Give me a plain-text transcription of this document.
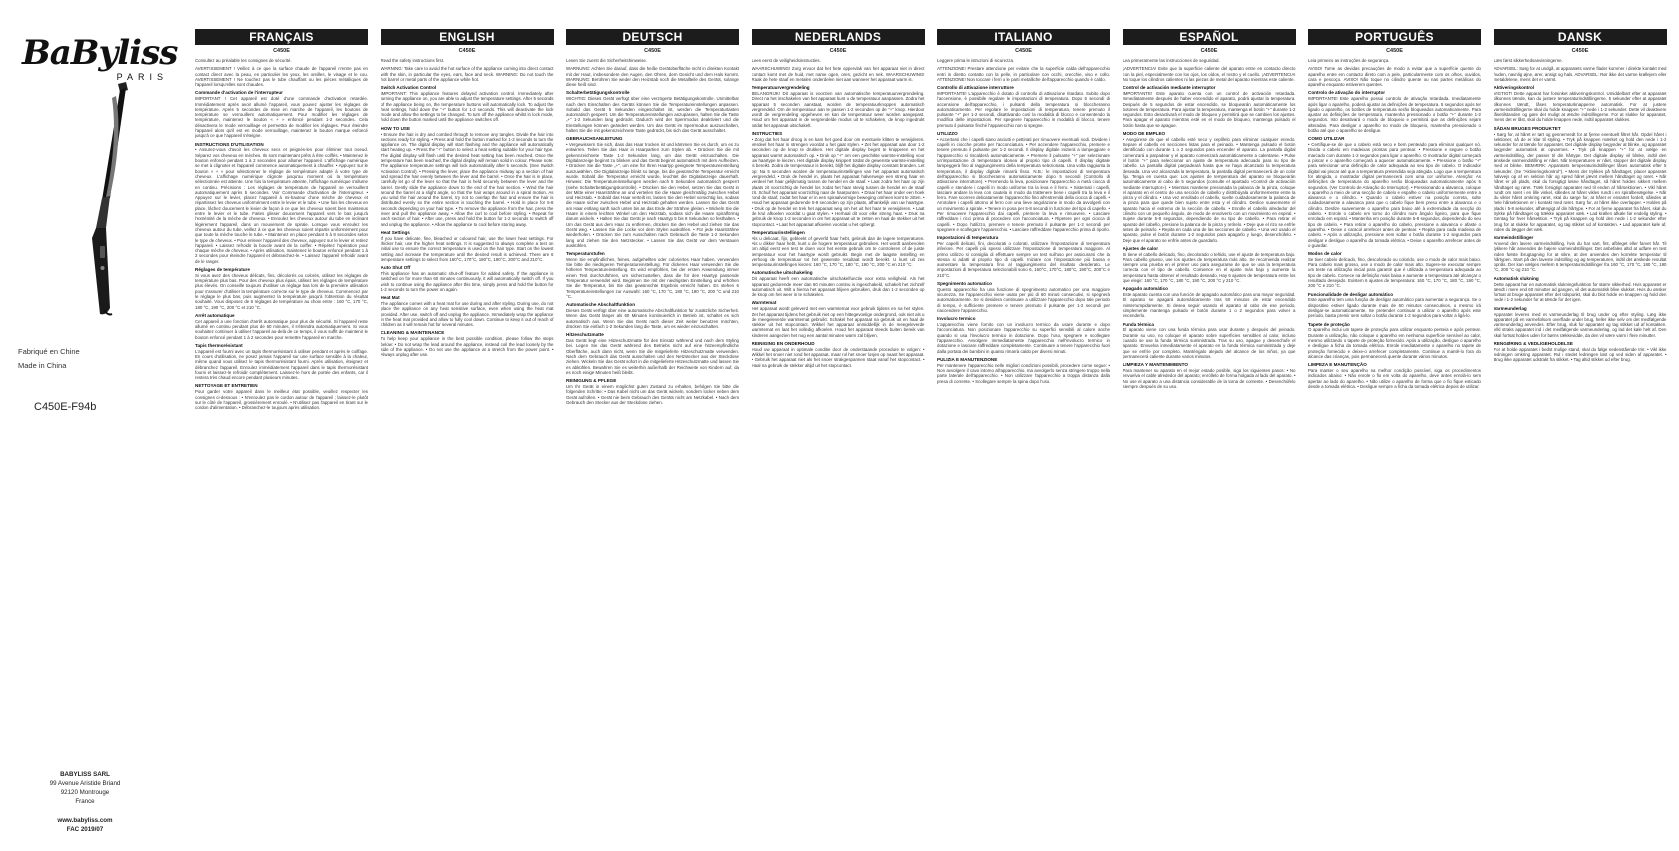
BaByliss
PARIS
Fabriqué en Chine
Made in China
C450E-F94b
BABYLISS SARL
99 Avenue Aristide Briand
92120 Montrouge
France
www.babyliss.com
FAC 2019/07
FRANÇAIS
C450E

Consultez au préalable les consignes de sécurité.

AVERTISSEMENT ! Veillez à ce que la surface chaude de l'appareil n'entre pas en contact direct avec la peau, en particulier les yeux, les oreilles, le visage et le cou. AVERTISSEMENT ! Ne touchez pas le tube chauffant ou les pièces métalliques de l'appareil lorsqu'elles sont chaudes.

Commande d'activation de l'interrupteur

IMPORTANT ! Cet appareil est doté d'une commande d'activation retardée. Immédiatement après avoir allumé l'appareil, vous pouvez ajuster les réglages de température. Après 5 secondes de mise en marche de l'appareil, les boutons de température se verrouillent automatiquement. Pour modifier les réglages de température, maintenez le bouton « + » enfoncé pendant 1-2 secondes. Cela désactivera le mode verrouillage et permettra de modifier les réglages. Pour éteindre l'appareil alors qu'il est en mode verrouillage, maintenez le bouton marque enfoncé jusqu'à ce que l'appareil s'éteigne.

INSTRUCTIONS D'UTILISATION

• Assurez-vous d'avoir les cheveux secs et peignés-les pour éliminer tout noeud. Séparez vos cheveux en mèches. Ils sont maintenant prêts à être coiffés. • Maintenez le bouton enfoncé pendant 1 à 2 secondes pour allumer l'appareil. L'affichage numérique se met à clignoter et l'appareil commence automatiquement à chauffer. • Appuyez sur le bouton « + » pour sélectionner le réglage de température adapté à votre type de cheveux. L'affichage numérique clignote jusqu'au moment où la température sélectionnée est atteinte. Une fois la température atteinte, l'affichage numérique s'allume en continu. Précisions : Les réglages de température de l'appareil se verrouillent automatiquement après 5 secondes. Voir Commande d'activation de l'interrupteur. • Appuyez sur le levier, placez l'appareil à mi-hauteur d'une mèche de cheveux et répartissez les cheveux uniformément entre le levier et le tube. • Une fois les cheveux en place, lâchez doucement le levier de façon à ce que les cheveux soient bien maintenus entre le levier et le tube. Faites glisser doucement l'appareil vers le bas jusqu'à l'extrémité de la mèche de cheveux. • Enroulez les cheveux autour du tube en inclinant légèrement l'appareil, dans un mouvement de spirale. Lorsque vous enroulez les cheveux autour du tube, veillez à ce que les cheveux soient répartis uniformément pour que toute la mèche touche le tube. • Maintenez en place pendant 5 à 8 secondes selon le type de cheveux. • Pour enlever l'appareil des cheveux, appuyez sur le levier et retirez l'appareil. • Laissez refroidir la boucle avant de la coiffer. • Répétez l'opération pour chaque mèche de cheveux. • Après utilisation, maintenez le bouton enfoncé pendant 1 à 2 secondes pour éteindre l'appareil et débranchez-le. • Laissez l'appareil refroidir avant de le ranger.

Réglages de température

Si vous avez des cheveux délicats, fins, décolorés ou colorés, utilisez les réglages de température plus bas. Pour des cheveux plus épais, utilisez les réglages de température plus élevés. On conseille toujours d'utiliser un réglage bas lors de la première utilisation pour s'assurer d'utiliser la température correcte sur le type de cheveux. Commencez par le réglage le plus bas, puis augmentez la température jusqu'à l'obtention du résultat souhaité. Vous disposez de 6 réglages de température au choix entre : 160 °C, 170 °C, 180 °C, 190 °C, 200 °C et 210 °C.

Arrêt automatique

Cet appareil a une fonction d'arrêt automatique pour plus de sécurité. Si l'appareil reste allumé en continu pendant plus de 60 minutes, il s'éteindra automatiquement. Si vous souhaitez continuer à utiliser l'appareil au-delà de ce temps, il vous suffit de maintenir le bouton enfoncé pendant 1 à 2 secondes pour remettre l'appareil en marche.

Tapis thermorésistant

L'appareil est fourni avec un tapis thermorésistant à utiliser pendant et après le coiffage. En cours d'utilisation, ne posez jamais l'appareil sur une surface sensible à la chaleur, même quand vous utilisez le tapis thermorésistant fourni. Après utilisation, éteignez et débranchez l'appareil. Enroulez immédiatement l'appareil dans le tapis thermorésistant fourni et laissez-le refroidir complètement. Laissez-le hors de portée des enfants, car il restera très chaud encore pendant plusieurs minutes.

NETTOYAGE ET ENTRETIEN

Pour garder votre appareil dans le meilleur état possible, veuillez respecter les consignes ci-dessous : • N'enroulez pas le cordon autour de l'appareil ; laissez-le plutôt sur le côté de l'appareil, grossièrement enroulé. • N'utilisez pas l'appareil en tirant sur le cordon d'alimentation. • Débranchez-le toujours après utilisation.

ENGLISH
C450E

Read the safety instructions first.

WARNING: Take care to avoid the hot surface of the appliance coming into direct contact with the skin, in particular the eyes, ears, face and neck. WARNING: Do not touch the hot barrel or metal parts of the appliance while hot.

Switch Activation Control

IMPORTANT: This appliance features delayed activation control. Immediately after turning the appliance on, you are able to adjust the temperature settings. After 5 seconds of the appliance being on, the temperature buttons will automatically lock. To adjust the heat settings, hold down the "+" button for 1-2 seconds. This will deactivate the lock mode and allow the settings to be changed. To turn off the appliance whilst in lock mode, hold down the button marked until the appliance switches off.

HOW TO USE

• Ensure the hair is dry and combed through to remove any tangles. Divide the hair into sections ready for styling. • Press and hold the button marked for 1-2 seconds to turn the appliance on. The digital display will start flashing and the appliance will automatically start heating up. • Press the "+" button to select a heat setting suitable for your hair type. The digital display will flash until the desired heat setting has been reached. Once the temperature has been reached, the digital display will remain solid in colour. Please note: The appliance temperature settings will lock automatically after 5 seconds. (See Switch Activation Control). • Pressing the lever, place the appliance midway up a section of hair and spread the hair evenly between the lever and the barrel. • Once the hair is in place, carefully let go of the lever so that the hair is held securely between the lever and the barrel. Gently slide the appliance down to the end of the hair section. • Wind the hair around the barrel at a slight angle, so that the hair wraps around in a spiral motion. As you wind the hair around the barrel, try not to overlap the hair and ensure the hair is distributed evenly so the entire section is touching the barrel. • Hold in place for 5-8 seconds depending on your hair type. • To remove the appliance from the hair, press the lever and pull the appliance away. • Allow the curl to cool before styling. • Repeat for each section of hair. • After use, press and hold the button for 1-2 seconds to switch off and unplug the appliance. • Allow the appliance to cool before storing away.

Heat Settings

If you have delicate, fine, bleached or coloured hair, use the lower heat settings. For thicker hair, use the higher heat settings. It is suggested to always complete a test on initial use to ensure the correct temperature is used on the hair type. Start on the lowest setting and increase the temperature until the desired result is achieved. There are 6 temperature settings to select from 160°C, 170°C, 180°C, 190°C, 200°C and 210°C.

Auto Shut Off

This appliance has an automatic shut-off feature for added safety. If the appliance is switched on for more than 60 minutes continuously, it will automatically switch off. If you wish to continue using the appliance after this time, simply press and hold the button for 1-2 seconds to turn the power on again.

Heat Mat

The appliance comes with a heat mat for use during and after styling. During use, do not place the appliance on any heat sensitive surface, even when using the heat mat provided. After use, switch off and unplug the appliance. Immediately wrap the appliance in the heat mat provided and allow to fully cool down. Continue to keep it out of reach of children as it will remain hot for several minutes.

CLEANING & MAINTENANCE

To help keep your appliance in the best possible condition, please follow the steps below: • Do not wrap the lead around the appliance, instead coil the lead loosely by the side of the appliance. • Do not use the appliance at a stretch from the power point. • Always unplug after use.

DEUTSCH
C450E

Lesen Sie zuerst die Sicherheitshinweise.

WARNUNG: Achten Sie darauf, dass die heiße Gerätoberfläche nicht in direkten Kontakt mit der Haut, insbesondere den Augen, den Ohren, dem Gesicht und dem Hals kommt. WARNUNG: Berühren Sie weder den Heizstab noch die Metallteile des Geräts, solange diese heiß sind.

Schalterbetätigungskontrolle

WICHTIG: Dieses Gerät verfügt über eine verzögerte Betätigungskontrolle. Unmittelbar nach dem Einschalten des Geräts können Sie die Temperatureinstellungen anpassen. Sobald das Gerät 5 Sekunden eingeschaltet ist, werden die Temperaturtasten automatisch gesperrt. Um die Temperatureinstellungen anzupassen, halten Sie die Taste „+" 1-2 Sekunden lang gedrückt. Dadurch wird der Sperrmodus deaktiviert und die Einstellungen können geändert werden. Um das Gerät im Sperrmodus auszuschalten, halten Sie die mit gekennzeichnete Taste gedrückt, bis sich das Gerät ausschaltet.

GEBRAUCHSANLEITUNG

• Vergewissern Sie sich, dass das Haar trocken ist und kämmen Sie es durch, um es zu entwirren. Teilen Sie das Haar in Haarpartien zum Stylen ab. • Drücken Sie die mit gekennzeichnete Taste 1-2 Sekunden lang, um das Gerät einzuschalten. Die Digitalanzeige beginnt zu blinken und das Gerät beginnt automatisch mit dem Aufheizen. • Drücken Sie die Taste „+", um eine für Ihren Haartyp geeignete Temperatureinstellung auszuwählen. Die Digitalanzeige blinkt so lange, bis die gewünschte Temperatur erreicht wurde. Sobald die Temperatur erreicht wurde, leuchtet die Digitalanzeige dauerhaft. Hinweis: Die Temperatureinstellungen werden nach 5 Sekunden automatisch gesperrt (siehe Schalterbetätigungskontrolle). • Drücken Sie den Hebel, setzen Sie das Gerät in der Mitte einer Haarsträhne an und verteilen Sie die Haare gleichmäßig zwischen Hebel und Heizstab. • Sobald das Haar verteilt ist, lassen Sie den Hebel vorsichtig los, sodass die Haare sicher zwischen Hebel und Heizstab gehalten werden. Lassen Sie das Gerät am Haar entlang sanft nach unten bis an das Ende der Strähne gleiten. • Wickeln Sie die Haare in einem leichten Winkel um den Heizstab, sodass sich die Haare spiralförmig darum wickeln. • Halten Sie das Gerät je nach Haartyp 5 bis 8 Sekunden so festhalten. • Um das Gerät aus dem Haar zu entfernen, drücken Sie den Hebel und ziehen Sie das Gerät weg. • Lassen Sie die Locke vor dem Stylen auskühlen. • Für jede Haarsträhne wiederholen. • Drücken Sie zum Ausschalten nach Gebrauch die Taste 1-2 Sekunden lang und ziehen Sie den Netzstecker. • Lassen Sie das Gerät vor dem Verstauen auskühlen.

Temperaturstufen

Wenn Sie empfindliches, feines, aufgehelltes oder coloriertes Haar haben, verwenden Sie bitte die niedrigeren Temperatureinstellung. Für dickeres Haar verwenden Sie die höheren Temperatureinstellung. Es wird empfohlen, bei der ersten Anwendung immer einen Test durchzuführen, um sicherzustellen, dass die für den Haartyp passende Temperatur verwendet wird. Beginnen Sie mit der niedrigsten Einstellung und erhöhen Sie die Temperatur, bis Sie das gewünschte Ergebnis erreicht haben. Es stehen 6 Temperatureinstellungen zur Auswahl: 160 °C, 170 °C, 180 °C, 190 °C, 200 °C und 210 °C.

Automatische Abschaltfunktion

Dieses Gerät verfügt über eine automatische Abschaltfunktion für zusätzliche Sicherheit. Wenn das Gerät länger als 60 Minuten kontinuierlich in Betrieb ist, schaltet es sich automatisch aus. Wenn Sie das Gerät nach dieser Zeit weiter benutzen möchten, drücken Sie einfach 1-2 Sekunden lang die Taste, um es wieder einzuschalten.

Hitzeschutzmatte

Das Gerät liegt eine Hitzeschutzmatte für den Einsatz während und nach dem Styling bei. Legen Sie das Gerät während des Betriebs nicht auf eine hitzeempfindliche Oberfläche, auch dann nicht, wenn Sie die mitgelieferte Hitzeschutzmatte verwenden. Nach dem Gebrauch das Gerät ausschalten und den Netzstecker aus der Steckdose ziehen. Wickeln Sie das Gerät sofort in die mitgelieferte Hitzeschutzmatte und lassen Sie es abkühlen. Bewahren Sie es weiterhin außerhalb der Reichweite von Kindern auf, da es noch einige Minuten heiß bleibt.

REINIGUNG & PFLEGE

Um Ihr Gerät in einem möglichst guten Zustand zu erhalten, befolgen Sie bitte die folgenden Schritte: • Das Kabel nicht um das Gerät wickeln, sondern locker neben dem Gerät aufrollen. • Gerät nie beim Gebrauch des Geräts nicht am Netzkabel. • Nach dem Gebrauch den Stecker aus der Steckdose ziehen.

NEDERLANDS
C450E

Lees eerst de veiligheidsinstructies.

WAARSCHUWING! Zorg ervoor dat het hete oppervlak van het apparaat niet in direct contact komt met de huid, met name ogen, oren, gezicht en nek. WAARSCHUWING! Raak de hete staaf en metalen onderdelen niet aan wanneer het apparaat warm is.

Temperatuurvergrendeling

BELANGRIJK! Dit apparaat is voorzien van automatische temperatuurvergrendeling. Direct na het inschakelen van het apparaat kunt u de temperatuur aanpassen. Zodra het apparaat 5 seconden aanstaat, worden de temperatuurknoppen automatisch vergrendeld. Om de temperatuur aan te passen 1-2 seconden op de "+" knop. Hierdoor wordt de vergrendeling opgeheven en kan de temperatuur weer worden aangepast. Houd om het apparaat in de vergrendelde modus uit te schakelen, de knop ingedrukt totdat het apparaat uitschakelt.

INSTRUCTIES

• Zorg dat het haar droog is en kam het goed door om eventuele klitten te verwijderen. Verdeel het haar in strengen voordat u het gaat stylen. • Zet het apparaat aan door 1-2 seconden op de knop te drukken. Het digitale display begint te knipperen en het apparaat warmt automatisch op. • Druk op "+" om een geschikte warmte-instelling voor uw haartype te kiezen. Het digitale display knippert totdat de gewenste warmte-instelling is bereikt. Zodra de temperatuur is bereikt, blijft het digitale display constant branden. Let op: Na 5 seconden worden de temperatuurinstellingen van het apparaat automatisch vergrendeld. • Druk de hendel in, plaats het apparaat halverwege een streng haar en verdeel het haar gelijkmatig tussen de hendel en de staaf. • Laat zodra het haar op zijn plaats zit voorzichtig de hendel los zodat het haar stevig tussen de hendel en de staaf zit. Schuif het apparaat voorzichtig naar de haarpunten. • Draai het haar onder een hoek rond de staaf, zodat het haar er in een spiraalvormige beweging omheen komt te zitten. • Houd het apparaat gedurende 5-8 seconden op zijn plaats, afhankelijk van uw haartype. • Druk op de hendel en trek het apparaat weg om het uit het haar te verwijderen. • Laat de krul afkoelen voordat u gaat stylen. • Herhaal dit voor elke streng haar. • Druk na gebruik de knop 1-2 seconden in om het apparaat uit te zetten en haal de stekker uit het stopcontact. • Laat het apparaat afkoelen voordat u het opbergt.

Temperatuurinstellingen

Als u delicaat, fijn, gebleekt of geverfd haar hebt, gebruik dan de lagere temperaturen. Als u dikker haar hebt, kunt u de hogere temperatuur gebruiken. Het wordt aanbevolen om altijd eerst een test te doen voor het eerste gebruik om te controleren of de juiste temperatuur voor het haartype wordt gebruikt. Begin met de laagste instelling en verhoog de temperatuur tot het gewenste resultaat wordt bereikt. U kunt uit zes temperatuurinstellingen kiezen: 160 °C, 170 °C, 180 °C, 190 °C, 200 °C en 210 °C.

Automatische uitschakeling

Dit apparaat heeft een automatische uitschakelfunctie voor extra veiligheid. Als het apparaat gedurende meer dan 60 minuten continu is ingeschakeld, schakelt het zichzelf automatisch uit. Wilt u hierna het apparaat blijven gebruiken, druk dan 1-2 seconden op de knop om het weer in te schakelen.

Warmtemat

Het apparaat wordt geleverd met een warmtemat voor gebruik tijdens en na het stylen. Zet het apparaat tijdens het gebruik niet op een hittegevoelige ondergrond, ook niet als u de meegeleverde warmtemat gebruikt. Schakel het apparaat na gebruik uit en haal de stekker uit het stopcontact. Wikkel het apparaat onmiddellijk in de meegeleverde warmtemat en laat het volledig afkoelen. Houd het apparaat steeds buiten bereik van kinderen aangezien het nog een aantal minuten warm zal blijven.

REINIGING EN ONDERHOUD

Houd uw apparaat in optimale conditie door de onderstaande procedure te volgen: • Wikkel het snoer niet rond het apparaat, maar rol het snoer losjes op naast het apparaat. • Gebruik het apparaat niet als het snoer strakgespannen staat vanaf het stopcontact. • Haal na gebruik de stekker altijd uit het stopcontact.

ITALIANO
C450E

Leggere prima le istruzioni di sicurezza.

ATTENZIONE! Prestare attenzione per evitare che la superficie calda dell'apparecchio entri in diretto contatto con la pelle, in particolare con occhi, orecchie, viso e collo. ATTENZIONE! Non toccare i ferri o le parti metalliche dell'apparecchio quando è caldo.

Controllo di attivazione interruttore

IMPORTANTE! L'apparecchio è dotato di controllo di attivazione ritardato. Subito dopo l'accensione, è possibile regolare le impostazioni di temperatura. Dopo 5 secondi di accensione dell'apparecchio, i pulsanti della temperatura si bloccheranno automaticamente. Per regolare le impostazioni di temperatura, tenere premuto il pulsante "+" per 1-2 secondi, disattivando così la modalità di blocco e consentendo la modifica delle impostazioni. Per spegnere l'apparecchio in modalità di blocco, tenere premuto il pulsante finché l'apparecchio non si spegne.

UTILIZZO

• Accertarsi che i capelli siano asciutti e pettinati per rimuovere eventuali nodi. Dividere i capelli in ciocche pronte per l'acconciatura. • Per accendere l'apparecchio, premere e tenere premuto il pulsante per 1-2 secondi. Il display digitale inizierà a lampeggiare e l'apparecchio si riscalderà automaticamente. • Premere il pulsante "+" per selezionare un'impostazione di temperatura idonea al proprio tipo di capelli. Il display digitale lampeggerà fino al raggiungimento della temperatura selezionata. Una volta raggiunta la temperatura, il display digitale rimarrà fisso. N.B.: le impostazioni di temperatura dell'apparecchio si bloccheranno automaticamente dopo 5 secondi (Controllo di attivazione interruttore). • Premendo la leva, posizionare l'apparecchio a metà ciocca di capelli e stendere i capelli in modo uniforme tra la leva e il ferro. • Sistemati i capelli, lasciare andare la leva con cautela in modo da trattenere bene i capelli tra la leva e il ferro. Fare scorrere delicatamente l'apparecchio fino all'estremità della ciocca di capelli. • Arrotolare i capelli attorno al ferro con una lieve angolazione in modo da avvolgerli con un movimento a spirale. • Tenere in posa per 5-8 secondi in funzione del tipo di capello. • Per rimuovere l'apparecchio dai capelli, premere la leva e rimuovere. • Lasciare raffreddare i ricci prima di procedere con l'acconciatura. • Ripetere per ogni ciocca di capelli. • Dopo l'utilizzo, premere e tenere premuto il pulsante per 1-2 secondi per spegnere e scollegare l'apparecchio. • Lasciare raffreddare l'apparecchio prima di riporlo.

Impostazioni di temperatura

Per capelli delicati, fini, decolorati o colorati, utilizzare l'impostazione di temperatura inferiore. Per capelli più spessi utilizzare l'impostazione di temperatura maggiore. Al primo utilizzo si consiglia di effettuare sempre un test sull'uso per assicurarsi che la stessa si adatti al proprio tipo di capelli. Iniziare con l'impostazione più bassa e aumentare la temperatura fino al raggiungimento del risultato desiderato. Le impostazioni di temperatura selezionabili sono 6, 160°C, 170°C, 180°C, 190°C, 200°C e 210°C.

Spegnimento automatico

Questo apparecchio ha una funzione di spegnimento automatico per una maggiore sicurezza. Se l'apparecchio viene usato per più di 60 minuti consecutivi, si spegnerà automaticamente. Se si desidera continuare a utilizzare l'apparecchio dopo tale periodo di tempo, è sufficiente premere e tenere premuto il pulsante per 1-2 secondi per riaccendere l'apparecchio.

Involucro termico

L'apparecchio viene fornito con un involucro termico da usare durante e dopo l'acconciatura. Non posizionare l'apparecchio su superfici sensibili al calore anche quando si usa l'involucro termico in dotazione. Dopo l'uso, spegnere e scollegare l'apparecchio. Avvolgere immediatamente l'apparecchio nell'involucro termico in dotazione e lasciare raffreddare completamente. Continuare a tenere l'apparecchio fuori dalla portata dei bambini in quanto rimarrà caldo per diversi minuti.

PULIZIA E MANUTENZIONE

Per mantenere l'apparecchio nelle migliori condizioni possibili, procedere come segue: • Non avvolgere il cavo intorno all'apparecchio, ma avvolgerlo senza stringere troppo nella parte laterale dell'apparecchio. • Non utilizzare l'apparecchio a troppa distanza dalla presa di corrente. • Scollegare sempre la spina dopo l'uso.

ESPAÑOL
C450E

Lea primeramente las instrucciones de seguridad.

¡ADVERTENCIA! Evite que la superficie caliente del aparato entre en contacto directo con la piel, especialmente con los ojos, los oídos, el rostro y el cuello. ¡ADVERTENCIA! No toque los cilindros calientes ni las piezas de metal del aparato mientras este caliente.

Control de activación mediante interruptor

IMPORTANTE! Este aparato cuenta con un control de activación retardada. Inmediatamente después de haber encendido el aparato, podrá ajustar la temperatura. Después de 5 segundos de estar encendido, se bloquearán automáticamente los botones de temperatura. Para ajustar la temperatura, mantenga el botón "+" durante 1-2 segundos. Esto desactivará el modo de bloqueo y permitirá que se cambien los ajustes. Para apagar el aparato mientras esté en el modo de bloqueo, mantenga pulsado el botón hasta que se apague.

MODO DE EMPLEO

• Asegúrese de que el cabello esté seco y cepíllelo para eliminar cualquier enredo. Separe el cabello en secciones listas para el peinado. • Mantenga pulsado el botón identificado con durante 1 o 2 segundos para encender el aparato. La pantalla digital comenzará a parpadear y el aparato comenzará automáticamente a calentarse. • Pulse el botón "+" para seleccionar un ajuste de temperatura adecuado para su tipo de cabello. La pantalla digital parpadeará hasta que se haya alcanzado la temperatura deseada. Una vez alcanzada la temperatura, la pantalla digital permanecerá de un color fijo. Tenga en cuenta que: Los ajustes de temperatura del aparato se bloquearán automáticamente al cabo de 5 segundos (consulte el apartado «Control de activación mediante interruptor»). • Mientras mantiene presionada la palanca de la pinza, coloque el aparato en el centro de una sección de cabello y distribúyala uniformemente entre la pinza y el cilindro. • Una vez enrollado el cabello, suelte cuidadosamente la palanca de la pinza para que quede bien sujeto entre esta y el cilindro. Deslice suavemente el aparato hacia el extremo de la sección de cabello. • Enrolle el cabello alrededor del cilindro con un pequeño ángulo, de modo de envolverlo con un movimiento en espiral. • Sujete durante 5-8 segundos, dependiendo de su tipo de cabello. • Para retirar el aparato del cabello, presione la palanca de la pinza y retírelo. • Deje que el rizo se enfríe antes de peinarlo. • Repita en cada una de las secciones de cabello. • Una vez usado el aparato, pulse el botón durante 1-2 segundos para apagarlo y luego, desenchúfelo. • Deje que el aparato se enfríe antes de guardarlo.

Ajustes de calor

Si tiene el cabello delicado, fino, decolorado o teñido, use el ajuste de temperatura bajo. Para cabello grueso, use los ajustes de temperatura más alto. Se recomienda realizar siempre una prueba en el primer uso para asegurarse de que se usa la temperatura correcta con el tipo de cabello. Comience en el ajuste más bajo y aumente la temperatura hasta obtener el resultado deseado. Hay 6 ajustes de temperatura entre los que elegir: 160 °C, 170 °C, 180 °C, 190 °C, 200 °C y 210 °C.

Apagado automático

Este aparato cuenta con una función de apagado automático para una mayor seguridad. El aparato se apagará automáticamente tras 60 minutos de estar encendido ininterrumpidamente. Si desea seguir usando el aparato al cabo de ese periodo, simplemente mantenga pulsado el botón durante 1 o 2 segundos para volver a encenderlo.

Funda térmica

El aparato viene con una funda térmica para usar durante y después del peinado. Durante su uso, no coloque el aparato sobre superficies sensibles al calor, incluso cuando se use la funda térmica suministrada. Tras su uso, apague y desenchufe el aparato. Envuelva inmediatamente el aparato en la funda térmica suministrada y deje que se enfríe por completo. Manténgalo alejado del alcance de los niños, ya que permanecerá caliente durante varios minutos.

LIMPIEZA Y MANTENIMIENTO

Para mantener su aparato en el mejor estado posible, siga los siguientes pasos: • No envuelva el cable alrededor del aparato; enróllelo de forma holgada al lado del aparato. • No use el aparato a una distancia considerable de la toma de corriente. • Desenchúfelo siempre después de su uso.

PORTUGUÊS
C450E

Leia primeiro as instruções de segurança.

AVISO! Tome as devidas precauções de modo a evitar que a superfície quente do aparelho entre em contacto direto com a pele, particularmente com os olhos, ouvidos, cara e pescoço. AVISO! Não toque no cilindro quente ou nas partes metálicas do aparelho enquanto estiverem quentes.

Controlo de ativação do interruptor

IMPORTANTE! Este aparelho possui controlo de ativação retardada. Imediatamente após ligar o aparelho, poderá ajustar as definições de temperatura. 5 segundos após ter ligado o aparelho, os botões de temperatura serão bloqueados automaticamente. Para ajustar as definições de temperatura, mantenha pressionado o botão "+" durante 1-2 segundos. Isto desativará o modo de bloqueio e permitirá que as definições sejam alteradas. Para desligar o aparelho no modo de bloqueio, mantenha pressionado o botão até que o aparelho se desligue.

COMO UTILIZAR

• Certifique-se de que o cabelo está seco e bem penteado para eliminar qualquer nó. Divida o cabelo em madeixas prontas para pentear. • Pressione e segure o botão marcado com durante 1-2 segundos para ligar o aparelho. O mostrador digital começará a piscar e o aparelho começará a aquecer automaticamente. • Pressione o botão "+" para selecionar uma definição de calor adequada ao seu tipo de cabelo. O indicador digital vai piscar até que a temperatura pretendida seja atingida. Logo que a temperatura for atingida, o mostrador digital permanecerá com uma cor uniforme. Atenção: As definições de temperatura do aparelho serão bloqueadas automaticamente após 5 segundos. (Ver Controlo de Ativação do Interruptor). • Pressionando a alavanca, coloque o aparelho a meio de uma secção de cabelo e espalhe o cabelo uniformemente entre a alavanca e o cilindro. • Quando o cabelo estiver na posição correta, solte cuidadosamente a alavanca para que o cabelo fique bem preso entre a alavanca e o cilindro. Deslize suavemente o aparelho para baixo até à extremidade da secção do cabelo. • Enrole o cabelo em torno do cilindro num ângulo ligeiro, para que fique enrolado em espiral. • Mantenha em posição durante 5-8 segundos, dependendo do seu tipo de cabelo. • Para retirar o aparelho do cabelo, pressione a alavanca e afaste o aparelho. • Deixe o caracol arrefecer antes de pentear. • Repita para cada madeixa de cabelo. • Após a utilização, pressione sem soltar o botão durante 1-2 segundos para desligar e desligue o aparelho da tomada elétrica. • Deixe o aparelho arrefecer antes de o guardar.

Modos de calor

Se tiver cabelo delicado, fino, descolorado ou colorido, use o modo de calor mais baixo. Para cabelo mais grosso, use o modo de calor mais alto. Sugere-se executar sempre um teste na utilização inicial para garantir que é utilizada a temperatura adequada ao tipo de cabelo. Comece na definição mais baixa e aumente a temperatura até alcançar o resultado desejado. Existem 6 ajustes de temperatura: 160 °C, 170 °C, 180 °C, 190 °C, 200 °C e 210 °C.

Funcionalidade de desligar automático

Este aparelho tem uma função de desligar automático para aumentar a segurança. Se o dispositivo estiver ligado durante mais de 60 minutos consecutivos, o mesmo irá desligar-se automaticamente. Se pretender continuar a utilizar o aparelho após este período, basta premir sem soltar o botão durante 1-2 segundos para voltar a ligá-lo.

Tapete de proteção

O aparelho inclui um tapete de proteção para utilizar enquanto penteia e após pentear. Durante a utilização, não coloque o aparelho em nenhuma superfície sensível ao calor, mesmo utilizando o tapete de proteção fornecido. Após a utilização, desligue o aparelho e desligue a ficha da tomada elétrica. Enrole imediatamente o aparelho no tapete de proteção fornecido e deixe-o arrefecer completamente. Continue a mantê-lo fora do alcance das crianças, pois permanecerá quente durante vários minutos.

LIMPEZA E MANUTENÇÃO

Para manter o seu aparelho na melhor condição possível, siga os procedimentos indicados abaixo: • Não enrole o fio em volta do aparelho, deve antes enrolá-lo sem apertar ao lado do aparelho. • Não utilize o aparelho de forma que o fio fique esticado desde a tomada elétrica. • Desligue sempre a ficha da tomada elétrica depois de utilizar.

DANSK
C450E

Læs først sikkerhedsanvisningerne.

ADVARSEL: Sørg for at undgå, at apparatets varme flader kommer i direkte kontakt med huden, navnlig øjne, ører, ansigt og hals. ADVARSEL: Rør ikke det varme krøllejern eller metaldelene, mens det er varmt.

Aktiveringskontrol

VIGTIGT! Dette apparat har forsinket aktiveringskontrol. Umiddelbart efter at apparatet tilkonnes tænde, kan du justere temperaturindstillingerne. 5 sekunder efter at apparatet tilkonnes tændt, låses temperaturknapperne automatisk. For at justere varmeindstillingerne skal du holde knappen "+" nede i 1-2 sekunder. Dette vil deaktivere låsetilstanden og gøre det muligt at ændre indstillingerne. For at slukke for apparatet, mens det er låst, skal du holde knappen nede, indtil apparatet slukkes.

SÅDAN BRUGES PRODUKTET

• Sørg for, at håret er tørt og gennemredt for at fjerne eventuelt filtret hår. Opdel håret i sektioner, så de er klar til styling. • Tryk på knappen mærket og hold den nede i 1-2 sekunder for at tænde for apparatet. Det digitale display begynder at blinke, og apparatet begynder automatisk at opvarmes. • Tryk på knappen "+" for at vælge en varmeindstilling, der passer til din hårtype. Det digitale display vil blinke, indtil den ønskede varmeindstilling er nået. Når temperaturen er nået, stopper det digitale display med at blinke. BEMÆRK: Apparatets temperaturindstillinger låses automatisk efter 5 sekunder. (Se "Aktiveringskontrol"). • Mens der trykkes på håndtaget, placer apparatet halvvejs op af en sektion hår og spred håret jævnt mellem håndtaget og røret. • Når håret er på plads, skal du forsigtigt løsne håndtaget, så håret holdes sikkert mellem håndtaget og røret. Træk forsigtigt apparatet ned til enden af hårsektionen. • Vikl håret rundt om røret i en lille vinkel, således at håret vikles rundt i en spiralbevægelse. • Når du vikler håret omkring røret, skal du sørge for, at håret er ensartet fordelt, således at hele hårsektionen er i kontakt med røret. Sørg for, at håret ikke overlapper. • Holdes på plads i 5-8 sekunder, afhængigt af din hårtype. • For at fjerne apparatet fra håret, skal du trykke på håndtaget og trække apparatet væk. • Lad krøllen afkøle før endelig styling. • Gentag for hver hårsektion. • Tryk på knappen og hold den nede i 1-2 sekunder efter brug for at slukke for apparatet, og tag stikket ud af kontakten. • Lad apparatet køle af, inden du lægger det væk.

Varmeindstillinger

Anvend den lavere varmeindstilling, hvis du har sart, fint, afbleget eller farvet hår. Til tykkere hår anvendes de højere varmeindstillinger. Det anbefales altid at udføre en test inden første ibrugtagning for at sikre, at den anvendes den korrekte temperatur til hårtypen. Start på den laveste indstilling og øg temperaturen, indtil det ønskede resultat opnås. Der kan vælges mellem 6 temperaturindstillinger fra 160 °C, 170 °C, 180 °C, 190 °C, 200 °C og 210 °C.

Automatisk slukning

Dette apparat har en automatisk slukningsfunktion for større sikkerhed. Hvis apparatet er tændt i mere end 60 minutter ad gangen, vil det automatisk blive slukket. Hvis du ønsker fortsat at bruge apparatet efter det tidspunkt, skal du blot holde en knappen og hold den nede i 1-2 sekunder for at tænde for det igen.

Varmeunderlag

Apparatet leveres med et varmeunderlag til brug under og efter styling. Læg ikke apparatet på en varmefølsom overflade under brug, heller ikke selv om det medfølgende varmeunderlag anvendes. Efter brug, sluk for apparatet og tag stikket ud af kontakten. Vikl straks apparatet ind i det medfølgende varmeunderlag, og lad det køle helt af. Den skal fortsat holdes uden for børns rækkevidde, da den vil være varm i flere minutter.

RENGØRING & VEDLIGEHOLDELSE

For at holde apparatet i bedst mulige stand, skal du følge nedenstående trin: • Vikl ikke ledningen omkring apparatet. Rul i stedet ledningen løst op ved siden af apparatet. • Brug ikke apparatet udstrakt fra stikket. • Tag altid stikket ud efter brug.
